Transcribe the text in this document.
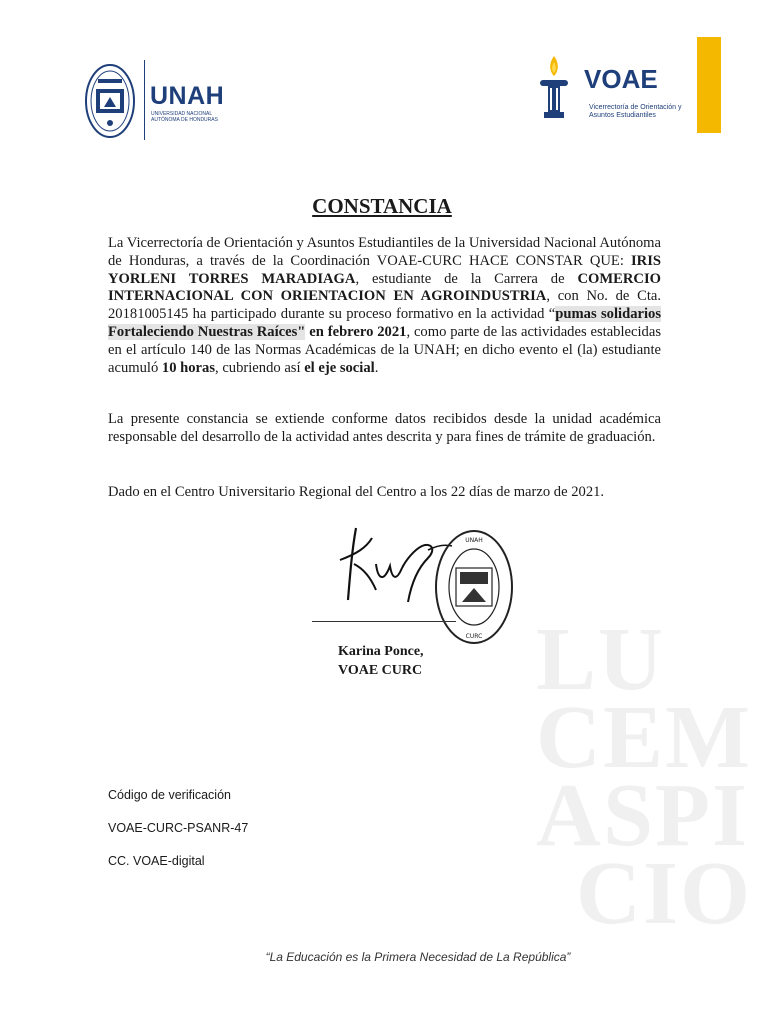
UNAH
UNIVERSIDAD NACIONAL AUTÓNOMA DE HONDURAS
VOAE
Vicerrectoría de Orientación y Asuntos Estudiantiles
LU
CEM
ASPI
CIO
CONSTANCIA
La Vicerrectoría de Orientación y Asuntos Estudiantiles de la Universidad Nacional Autónoma de Honduras, a través de la Coordinación VOAE-CURC HACE CONSTAR QUE: IRIS YORLENI TORRES MARADIAGA, estudiante de la Carrera de COMERCIO INTERNACIONAL CON ORIENTACION EN AGROINDUSTRIA, con No. de Cta. 20181005145 ha participado durante su proceso formativo en la actividad “pumas solidarios Fortaleciendo Nuestras Raíces" en febrero 2021, como parte de las actividades establecidas en el artículo 140 de las Normas Académicas de la UNAH; en dicho evento el (la) estudiante acumuló 10 horas, cubriendo así el eje social.
La presente constancia se extiende conforme datos recibidos desde la unidad académica responsable del desarrollo de la actividad antes descrita y para fines de trámite de graduación.
Dado en el Centro Universitario Regional del Centro a los 22 días de marzo de 2021.
UNAH
CURC
Karina Ponce,
VOAE CURC
Código de verificación
VOAE-CURC-PSANR-47
CC. VOAE-digital
“La Educación es la Primera Necesidad de La República”
